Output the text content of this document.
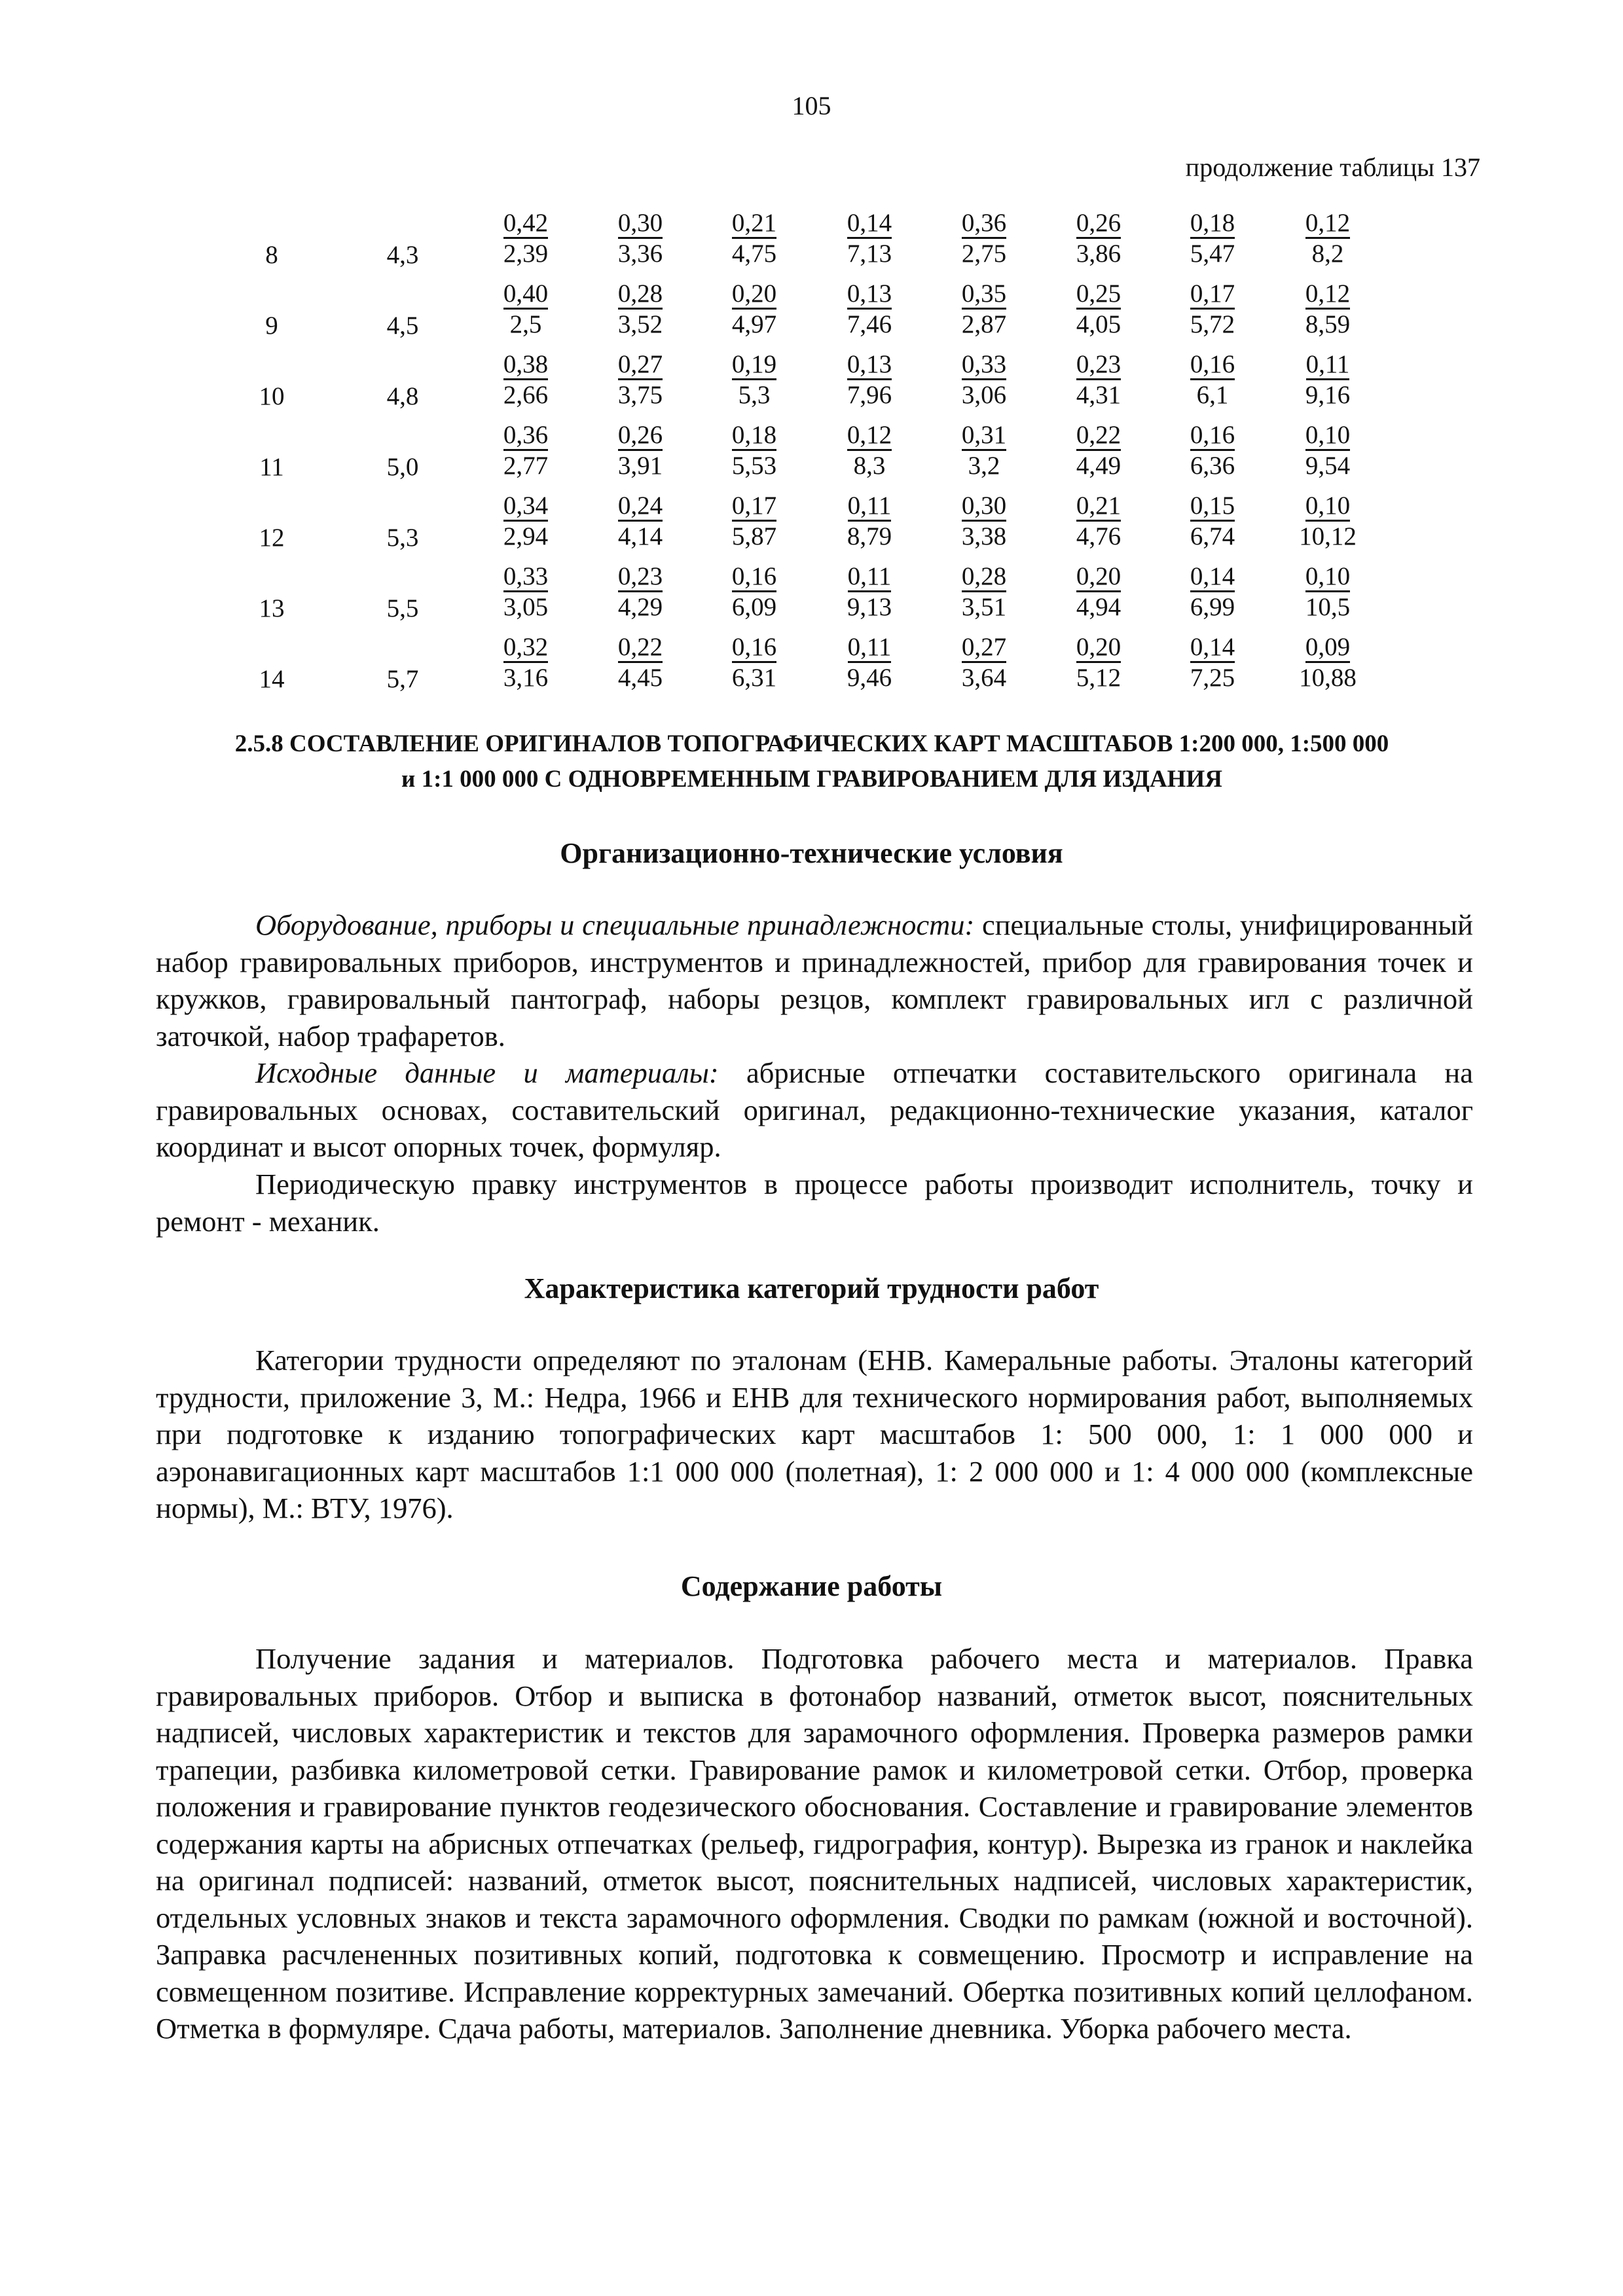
105
продолжение таблицы 137
8	4,3	$\frac{0,42}{2,39} \frac{0,30}{3,36} \frac{0,21}{4,75} \frac{0,14}{7,13} \frac{0,36}{2,75} \frac{0,26}{3,86} \frac{0,18}{5,47} \frac{0,12}{8,2}$
9	4,5	$\frac{0,40}{2,5} \frac{0,28}{3,52} \frac{0,20}{4,97} \frac{0,13}{7,46} \frac{0,35}{2,87} \frac{0,25}{4,05} \frac{0,17}{5,72} \frac{0,12}{8,59}$
10	4,8	$\frac{0,38}{2,66} \frac{0,27}{3,75} \frac{0,19}{5,3} \frac{0,13}{7,96} \frac{0,33}{3,06} \frac{0,23}{4,31} \frac{0,16}{6,1} \frac{0,11}{9,16}$
11	5,0	$\frac{0,36}{2,77} \frac{0,26}{3,91} \frac{0,18}{5,53} \frac{0,12}{8,3} \frac{0,31}{3,2} \frac{0,22}{4,49} \frac{0,16}{6,36} \frac{0,10}{9,54}$
12	5,3	$\frac{0,34}{2,94} \frac{0,24}{4,14} \frac{0,17}{5,87} \frac{0,11}{8,79} \frac{0,30}{3,38} \frac{0,21}{4,76} \frac{0,15}{6,74} \frac{0,10}{10,12}$
13	5,5	$\frac{0,33}{3,05} \frac{0,23}{4,29} \frac{0,16}{6,09} \frac{0,11}{9,13} \frac{0,28}{3,51} \frac{0,20}{4,94} \frac{0,14}{6,99} \frac{0,10}{10,5}$
14	5,7	$\frac{0,32}{3,16} \frac{0,22}{4,45} \frac{0,16}{6,31} \frac{0,11}{9,46} \frac{0,27}{3,64} \frac{0,20}{5,12} \frac{0,14}{7,25} \frac{0,09}{10,88}$
2.5.8 СОСТАВЛЕНИЕ ОРИГИНАЛОВ ТОПОГРАФИЧЕСКИХ КАРТ МАСШТАБОВ 1:200 000, 1:500 000
и 1:1 000 000 С ОДНОВРЕМЕННЫМ ГРАВИРОВАНИЕМ ДЛЯ ИЗДАНИЯ
Организационно-технические условия

Оборудование, приборы и специальные принадлежности: специальные столы, унифицированный набор гравировальных приборов, инструментов и принадлежностей, прибор для гравирования точек и кружков, гравировальный пантограф, наборы резцов, комплект гравировальных игл с различной заточкой, набор трафаретов.

Исходные данные и материалы: абрисные отпечатки составительского оригинала на гравировальных основах, составительский оригинал, редакционно-технические указания, каталог координат и высот опорных точек, формуляр.

Периодическую правку инструментов в процессе работы производит исполнитель, точку и ремонт - механик.

Характеристика категорий трудности работ

Категории трудности определяют по эталонам (ЕНВ. Камеральные работы. Эталоны категорий трудности, приложение 3, М.: Недра, 1966 и ЕНВ для технического нормирования работ, выполняемых при подготовке к изданию топографических карт масштабов 1: 500 000, 1: 1 000 000 и аэронавигационных карт масштабов 1:1 000 000 (полетная), 1: 2 000 000 и 1: 4 000 000 (комплексные нормы), М.: ВТУ, 1976).

Содержание работы

Получение задания и материалов. Подготовка рабочего места и материалов. Правка гравировальных приборов. Отбор и выписка в фотонабор названий, отметок высот, пояснительных надписей, числовых характеристик и текстов для зарамочного оформления. Проверка размеров рамки трапеции, разбивка километровой сетки. Гравирование рамок и километровой сетки. Отбор, проверка положения и гравирование пунктов геодезического обоснования. Составление и гравирование элементов содержания карты на абрисных отпечатках (рельеф, гидрография, контур). Вырезка из гранок и наклейка на оригинал подписей: названий, отметок высот, пояснительных надписей, числовых характеристик, отдельных условных знаков и текста зарамочного оформления. Сводки по рамкам (южной и восточной). Заправка расчлененных позитивных копий, подготовка к совмещению. Просмотр и исправление на совмещенном позитиве. Исправление корректурных замечаний. Обертка позитивных копий целлофаном. Отметка в формуляре. Сдача работы, материалов. Заполнение дневника. Уборка рабочего места.
